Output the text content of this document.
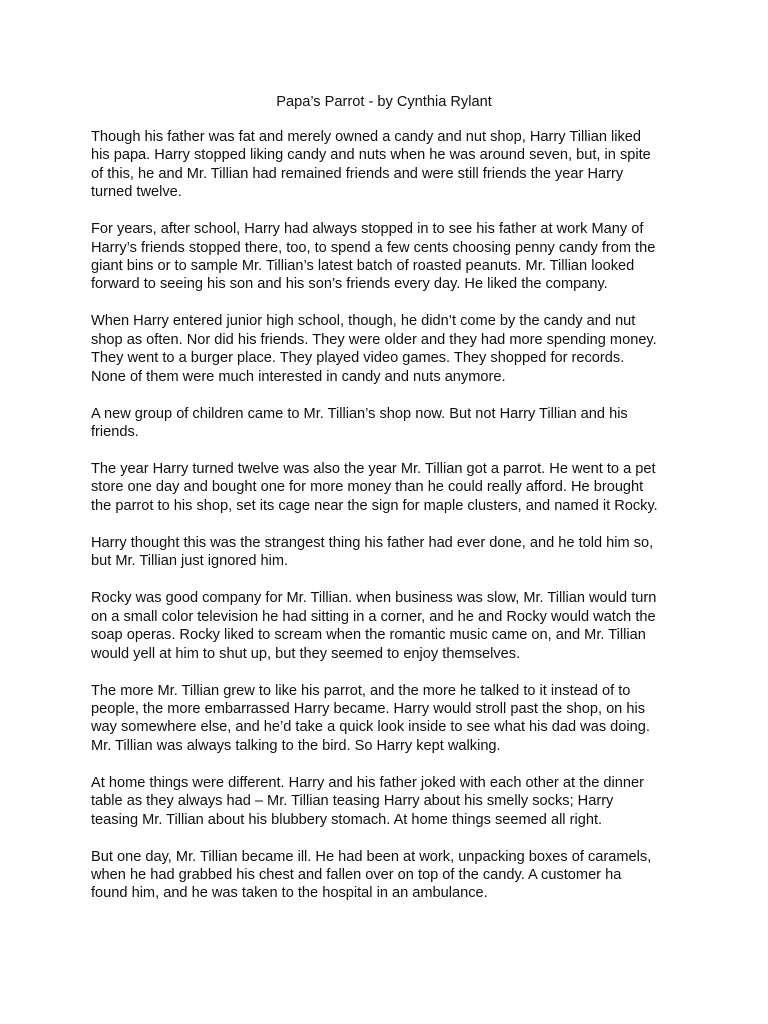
Papa’s Parrot - by Cynthia Rylant

Though his father was fat and merely owned a candy and nut shop, Harry Tillian liked
his papa. Harry stopped liking candy and nuts when he was around seven, but, in spite
of this, he and Mr. Tillian had remained friends and were still friends the year Harry
turned twelve.

For years, after school, Harry had always stopped in to see his father at work Many of
Harry’s friends stopped there, too, to spend a few cents choosing penny candy from the
giant bins or to sample Mr. Tillian’s latest batch of roasted peanuts. Mr. Tillian looked
forward to seeing his son and his son’s friends every day. He liked the company.

When Harry entered junior high school, though, he didn’t come by the candy and nut
shop as often. Nor did his friends. They were older and they had more spending money.
They went to a burger place. They played video games. They shopped for records.
None of them were much interested in candy and nuts anymore.

A new group of children came to Mr. Tillian’s shop now. But not Harry Tillian and his
friends.

The year Harry turned twelve was also the year Mr. Tillian got a parrot. He went to a pet
store one day and bought one for more money than he could really afford. He brought
the parrot to his shop, set its cage near the sign for maple clusters, and named it Rocky.

Harry thought this was the strangest thing his father had ever done, and he told him so,
but Mr. Tillian just ignored him.

Rocky was good company for Mr. Tillian. when business was slow, Mr. Tillian would turn
on a small color television he had sitting in a corner, and he and Rocky would watch the
soap operas. Rocky liked to scream when the romantic music came on, and Mr. Tillian
would yell at him to shut up, but they seemed to enjoy themselves.

The more Mr. Tillian grew to like his parrot, and the more he talked to it instead of to
people, the more embarrassed Harry became. Harry would stroll past the shop, on his
way somewhere else, and he’d take a quick look inside to see what his dad was doing.
Mr. Tillian was always talking to the bird. So Harry kept walking.

At home things were different. Harry and his father joked with each other at the dinner
table as they always had – Mr. Tillian teasing Harry about his smelly socks; Harry
teasing Mr. Tillian about his blubbery stomach. At home things seemed all right.

But one day, Mr. Tillian became ill. He had been at work, unpacking boxes of caramels,
when he had grabbed his chest and fallen over on top of the candy. A customer ha
found him, and he was taken to the hospital in an ambulance.
